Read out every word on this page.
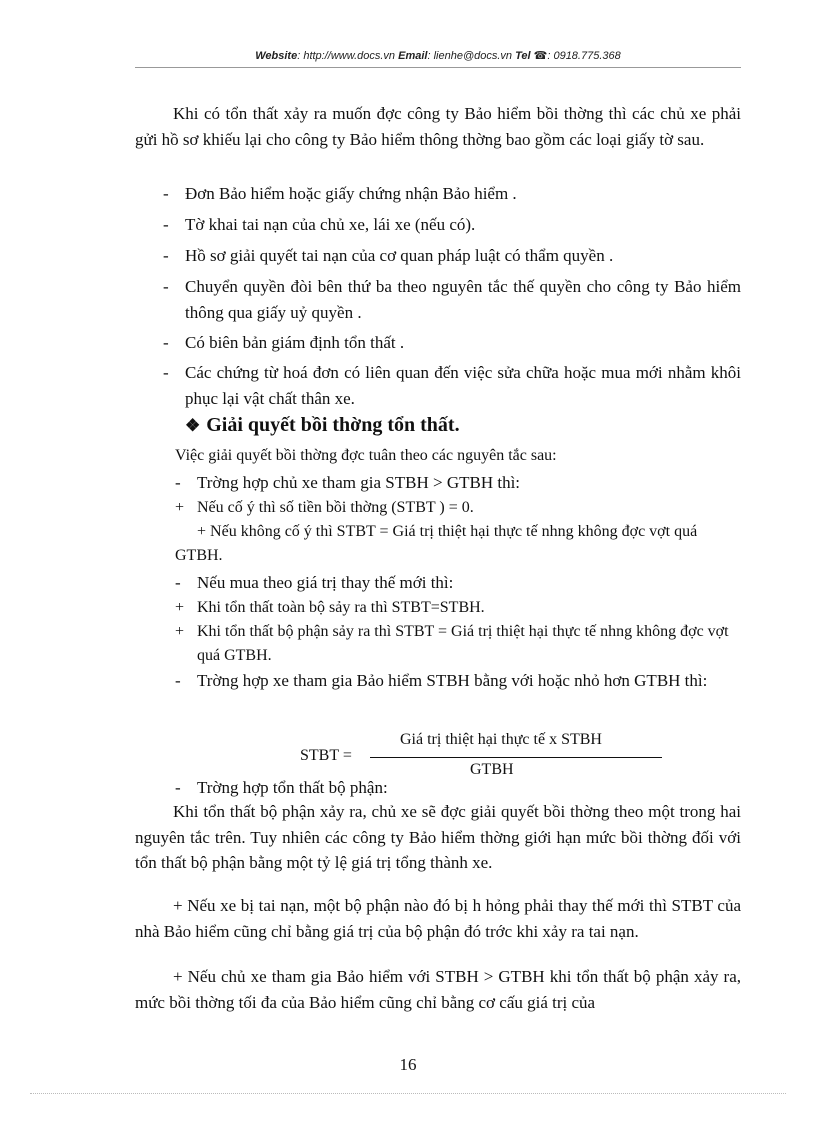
Website: http://www.docs.vn Email: lienhe@docs.vn Tel ☎: 0918.775.368

Khi có tổn thất xảy ra muốn đợc công ty Bảo hiểm bồi thờng thì các chủ xe phải gửi hồ sơ khiếu lại cho công ty Bảo hiểm thông thờng bao gồm các loại giấy tờ sau.

- Đơn Bảo hiểm hoặc giấy chứng nhận Bảo hiểm .
- Tờ khai tai nạn của chủ xe, lái xe (nếu có).
- Hồ sơ giải quyết tai nạn của cơ quan pháp luật có thẩm quyền .
- Chuyển quyền đòi bên thứ ba theo nguyên tắc thế quyền cho công ty Bảo hiểm thông qua giấy uỷ quyền .
- Có biên bản giám định tổn thất .
- Các chứng từ hoá đơn có liên quan đến việc sửa chữa hoặc mua mới nhằm khôi phục lại vật chất thân xe.
❖ Giải quyết bồi thờng tổn thất.
Việc giải quyết bồi thờng đợc tuân theo các nguyên tắc sau:
- Trờng hợp chủ xe tham gia STBH > GTBH thì:
+ Nếu cố ý thì số tiền bồi thờng (STBT ) = 0.
+ Nếu không cố ý thì STBT = Giá trị thiệt hại thực tế nhng không đợc vợt quá GTBH.
- Nếu mua theo giá trị thay thế mới thì:
+ Khi tổn thất toàn bộ sảy ra thì STBT=STBH.
+ Khi tổn thất bộ phận sảy ra thì STBT = Giá trị thiệt hại thực tế nhng không đợc vợt quá GTBH.
- Trờng hợp xe tham gia Bảo hiểm STBH bằng với hoặc nhỏ hơn GTBH thì:
STBT =
Giá trị thiệt hại thực tế x STBH
GTBH
- Trờng hợp tổn thất bộ phận:

Khi tổn thất bộ phận xảy ra, chủ xe sẽ đợc giải quyết bồi thờng theo một trong hai nguyên tắc trên. Tuy nhiên các công ty Bảo hiểm thờng giới hạn mức bồi thờng đối với tổn thất bộ phận bằng một tỷ lệ giá trị tổng thành xe.

+ Nếu xe bị tai nạn, một bộ phận nào đó bị h hỏng phải thay thế mới thì STBT của nhà Bảo hiểm cũng chỉ bằng giá trị của bộ phận đó trớc khi xảy ra tai nạn.

+ Nếu chủ xe tham gia Bảo hiểm với STBH > GTBH khi tổn thất bộ phận xảy ra, mức bồi thờng tối đa của Bảo hiểm cũng chỉ bằng cơ cấu giá trị của

16
